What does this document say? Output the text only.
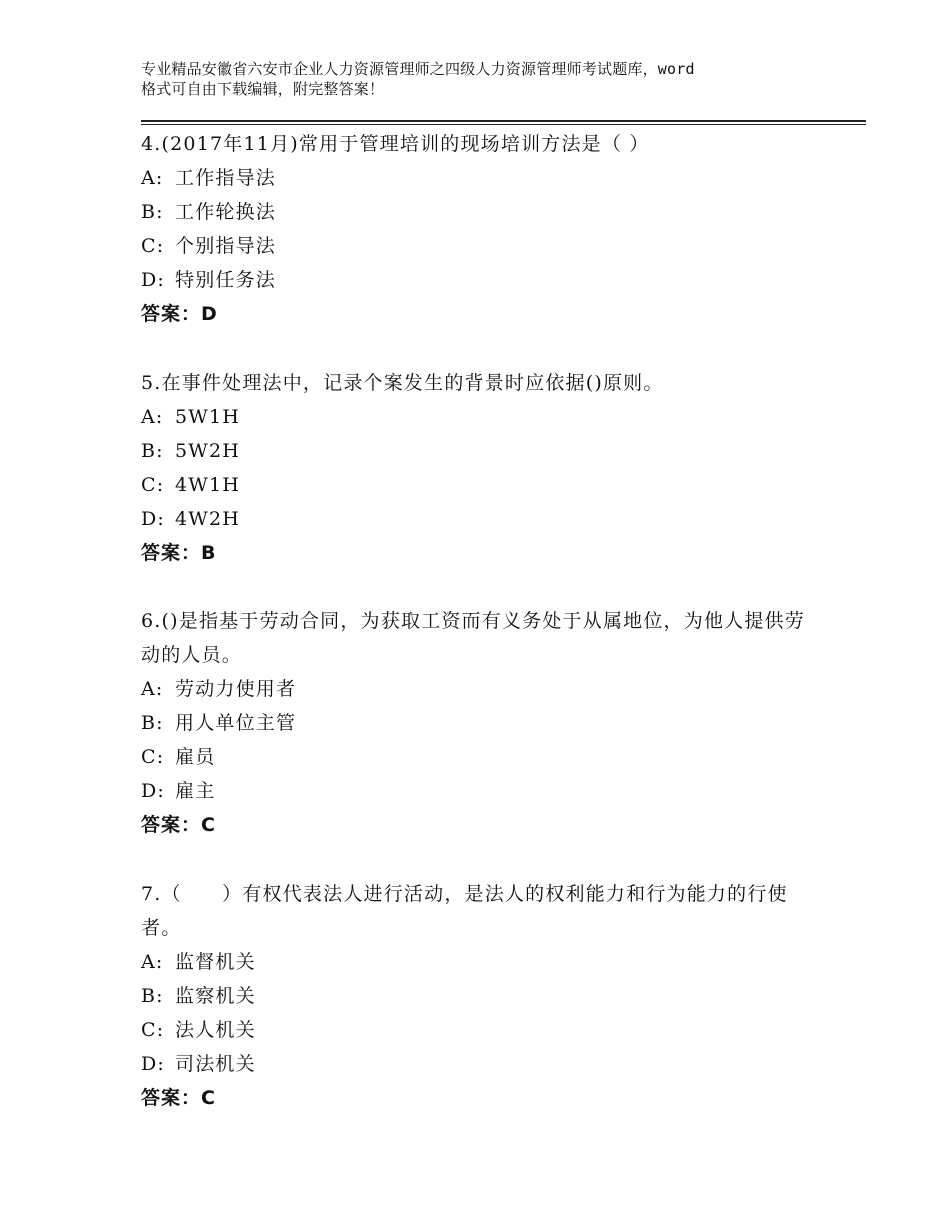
专业精品安徽省六安市企业人力资源管理师之四级人力资源管理师考试题库，word
格式可自由下载编辑，附完整答案！

4.(2017年11月)常用于管理培训的现场培训方法是（ ）

A: 工作指导法

B: 工作轮换法

C: 个别指导法

D: 特别任务法

答案：D

5.在事件处理法中，记录个案发生的背景时应依据()原则。

A: 5W1H

B: 5W2H

C: 4W1H

D: 4W2H

答案：B

6.()是指基于劳动合同，为获取工资而有义务处于从属地位，为他人提供劳动的人员。

A: 劳动力使用者

B: 用人单位主管

C: 雇员

D: 雇主

答案：C

7.（　　）有权代表法人进行活动，是法人的权利能力和行为能力的行使者。

A: 监督机关

B: 监察机关

C: 法人机关

D: 司法机关

答案：C
